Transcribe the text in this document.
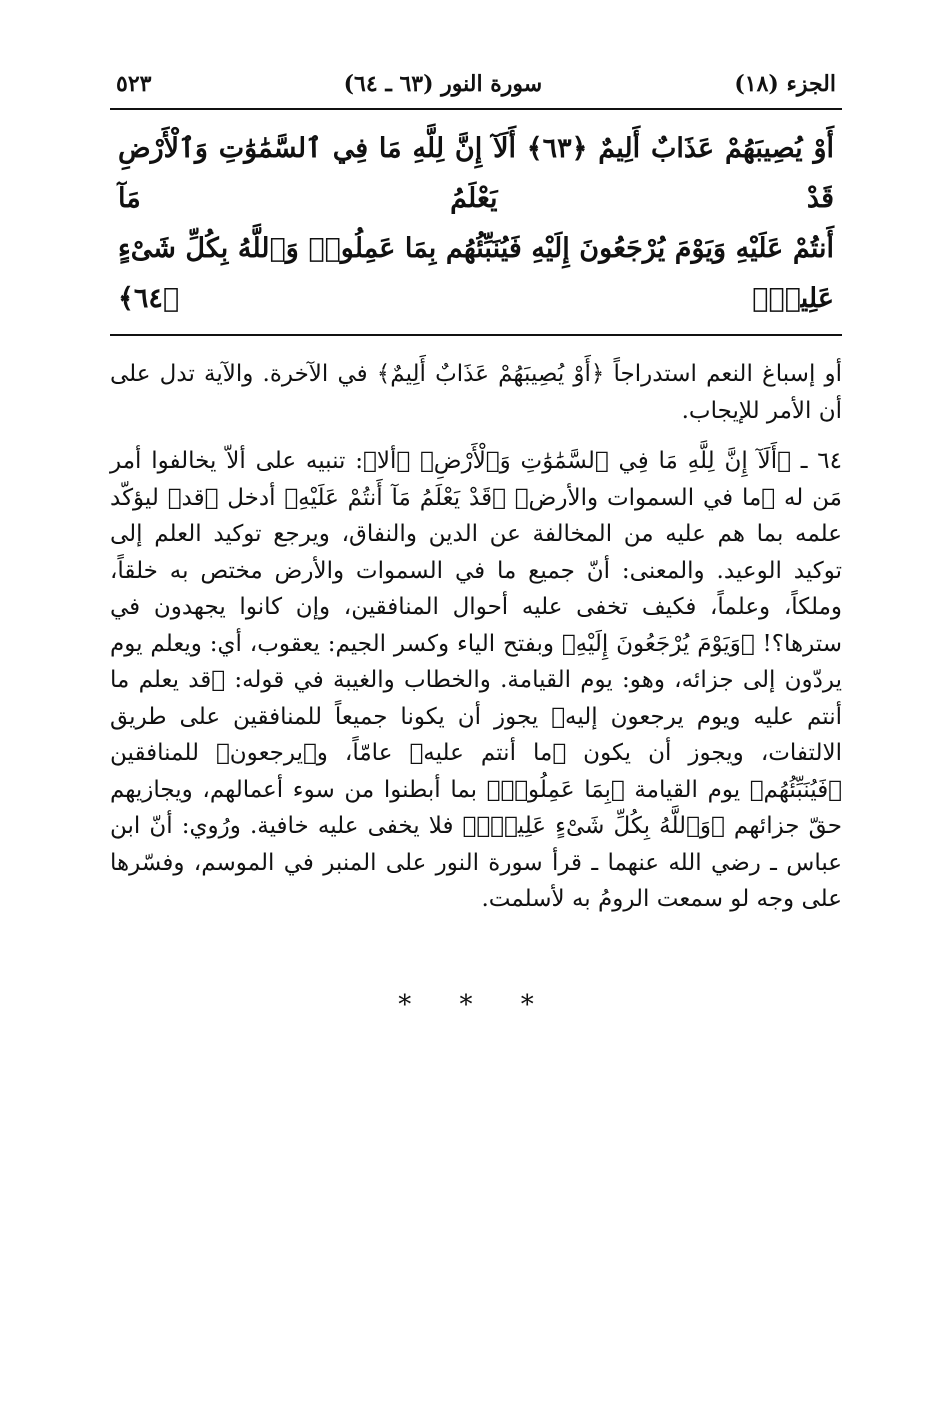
الجزء (١٨)
سورة النور (٦٣ ـ ٦٤)
٥٢٣
أَوْ يُصِيبَهُمْ عَذَابٌ أَلِيمٌ ﴿٦٣﴾ أَلَآ إِنَّ لِلَّهِ مَا فِي ٱلسَّمَٰوَٰتِ وَٱلْأَرْضِ قَدْ يَعْلَمُ مَآ
أَنتُمْ عَلَيْهِ وَيَوْمَ يُرْجَعُونَ إِلَيْهِ فَيُنَبِّئُهُم بِمَا عَمِلُوا۟ وَٱللَّهُ بِكُلِّ شَىْءٍ عَلِيمٌۢ ﴿٦٤﴾

أو إسباغ النعم استدراجاً ﴿أَوْ يُصِيبَهُمْ عَذَابٌ أَلِيمٌ﴾ في الآخرة. والآية تدل على أن الأمر للإيجاب.

٦٤ ـ ﴿أَلَآ إِنَّ لِلَّهِ مَا فِي ٱلسَّمَٰوَٰتِ وَٱلْأَرْضِ﴾ ﴿ألا﴾: تنبيه على ألاّ يخالفوا أمر مَن له ﴿ما في السموات والأرض﴾ ﴿قَدْ يَعْلَمُ مَآ أَنتُمْ عَلَيْهِ﴾ أدخل ﴿قد﴾ ليؤكّد علمه بما هم عليه من المخالفة عن الدين والنفاق، ويرجع توكيد العلم إلى توكيد الوعيد. والمعنى: أنّ جميع ما في السموات والأرض مختص به خلقاً، وملكاً، وعلماً، فكيف تخفى عليه أحوال المنافقين، وإن كانوا يجهدون في سترها؟! ﴿وَيَوْمَ يُرْجَعُونَ إِلَيْهِ﴾ وبفتح الياء وكسر الجيم: يعقوب، أي: ويعلم يوم يردّون إلى جزائه، وهو: يوم القيامة. والخطاب والغيبة في قوله: ﴿قد يعلم ما أنتم عليه ويوم يرجعون إليه﴾ يجوز أن يكونا جميعاً للمنافقين على طريق الالتفات، ويجوز أن يكون ﴿ما أنتم عليه﴾ عامّاً، و﴿يرجعون﴾ للمنافقين ﴿فَيُنَبِّئُهُم﴾ يوم القيامة ﴿بِمَا عَمِلُوا۟﴾ بما أبطنوا من سوء أعمالهم، ويجازيهم حقّ جزائهم ﴿وَٱللَّهُ بِكُلِّ شَىْءٍ عَلِيمٌۢ﴾ فلا يخفى عليه خافية. ورُوي: أنّ ابن عباس ـ رضي الله عنهما ـ قرأ سورة النور على المنبر في الموسم، وفسّرها على وجه لو سمعت الرومُ به لأسلمت.

* * *
